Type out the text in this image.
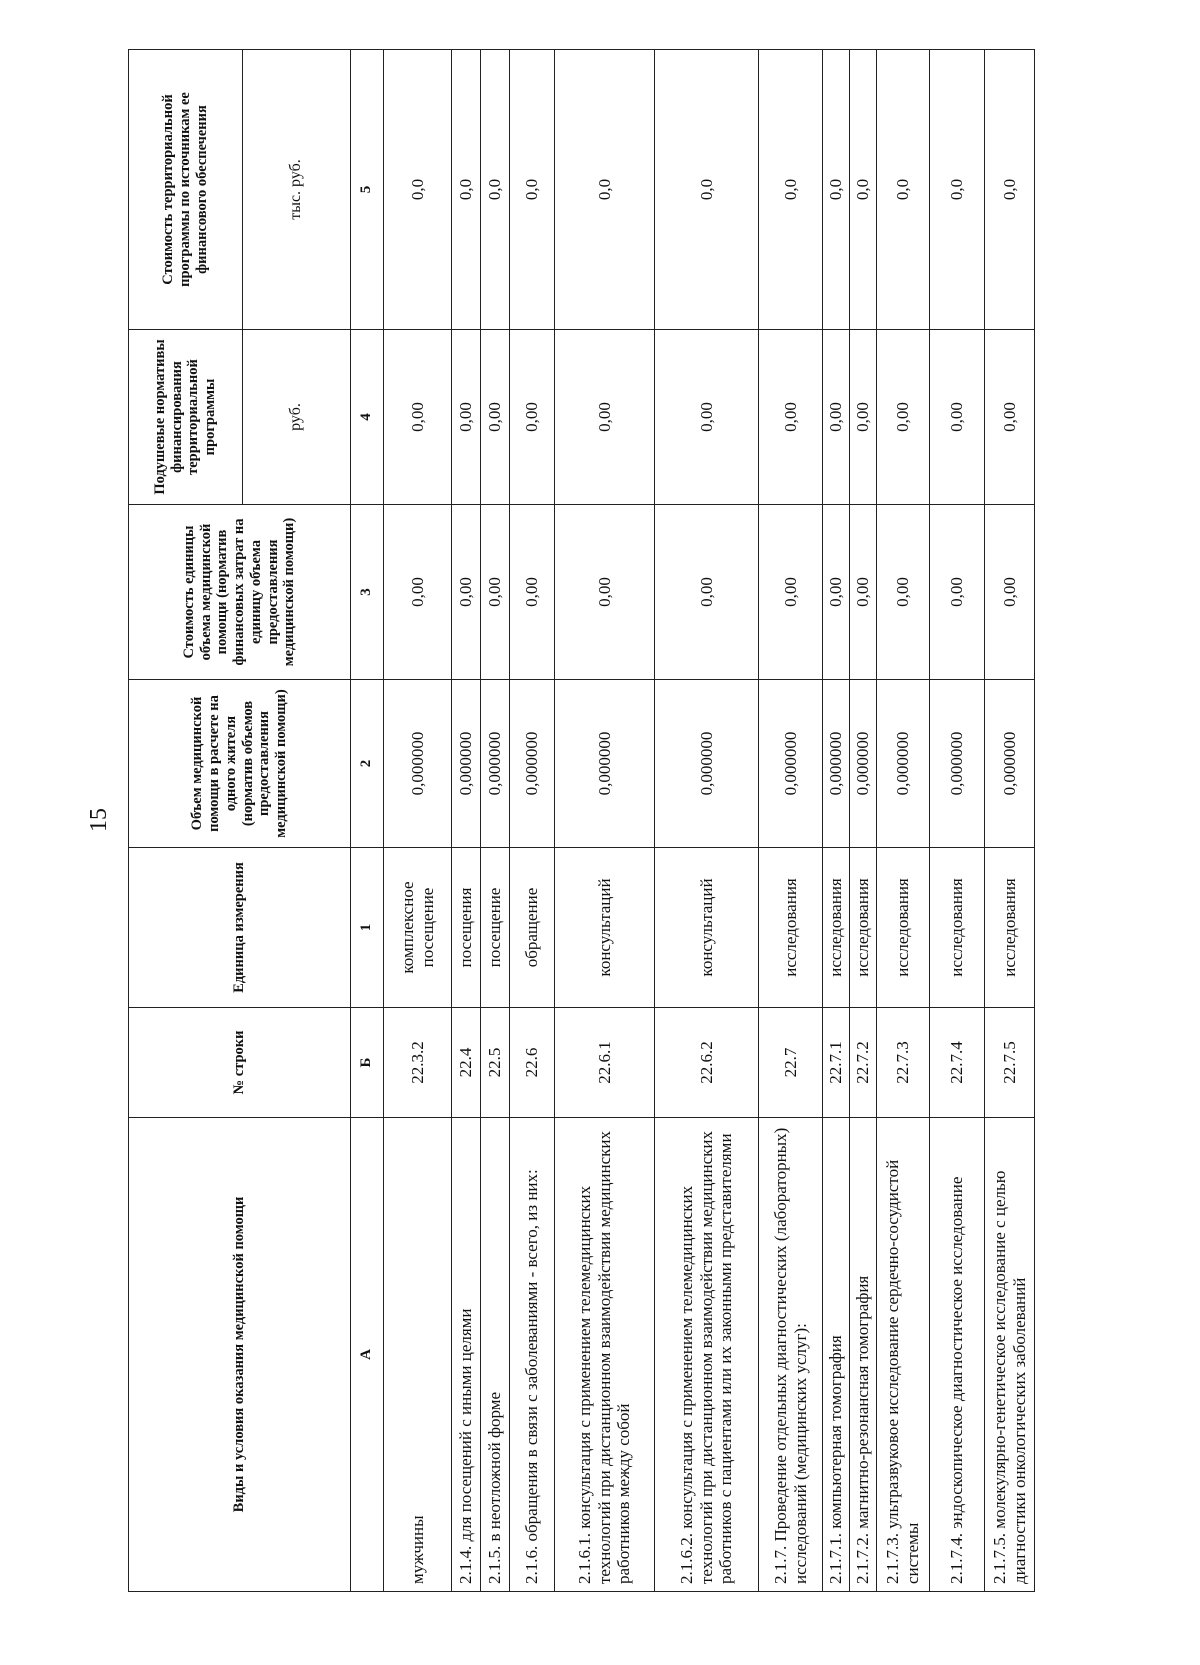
15
Виды и условия оказания медицинской помощи	№ строки	Единица измерения	Объем медицинской помощи в расчете на одного жителя (норматив объемов предоставления медицинской помощи)	Стоимость единицы объема медицинской помощи (норматив финансовых затрат на единицу объема предоставления медицинской помощи)	Подушевые нормативы финансирования территориальной программы	Стоимость территориальной программы по источникам ее финансового обеспечения
					руб.	тыс. руб.
А	Б	1	2	3	4	5
мужчины	22.3.2	комплексное посещение	0,000000	0,00	0,00	0,0
2.1.4. для посещений с иными целями	22.4	посещения	0,000000	0,00	0,00	0,0
2.1.5. в неотложной форме	22.5	посещение	0,000000	0,00	0,00	0,0
2.1.6. обращения в связи с заболеваниями - всего, из них:	22.6	обращение	0,000000	0,00	0,00	0,0
2.1.6.1. консультация с применением телемедицинских технологий при дистанционном взаимодействии медицинских работников между собой	22.6.1	консультаций	0,000000	0,00	0,00	0,0
2.1.6.2. консультация с применением телемедицинских технологий при дистанционном взаимодействии медицинских работников с пациентами или их законными представителями	22.6.2	консультаций	0,000000	0,00	0,00	0,0
2.1.7. Проведение отдельных диагностических (лабораторных) исследований (медицинских услуг):	22.7	исследования	0,000000	0,00	0,00	0,0
2.1.7.1. компьютерная томография	22.7.1	исследования	0,000000	0,00	0,00	0,0
2.1.7.2. магнитно-резонансная томография	22.7.2	исследования	0,000000	0,00	0,00	0,0
2.1.7.3. ультразвуковое исследование сердечно-сосудистой системы	22.7.3	исследования	0,000000	0,00	0,00	0,0
2.1.7.4. эндоскопическое диагностическое исследование	22.7.4	исследования	0,000000	0,00	0,00	0,0
2.1.7.5. молекулярно-генетическое исследование с целью диагностики онкологических заболеваний	22.7.5	исследования	0,000000	0,00	0,00	0,0
